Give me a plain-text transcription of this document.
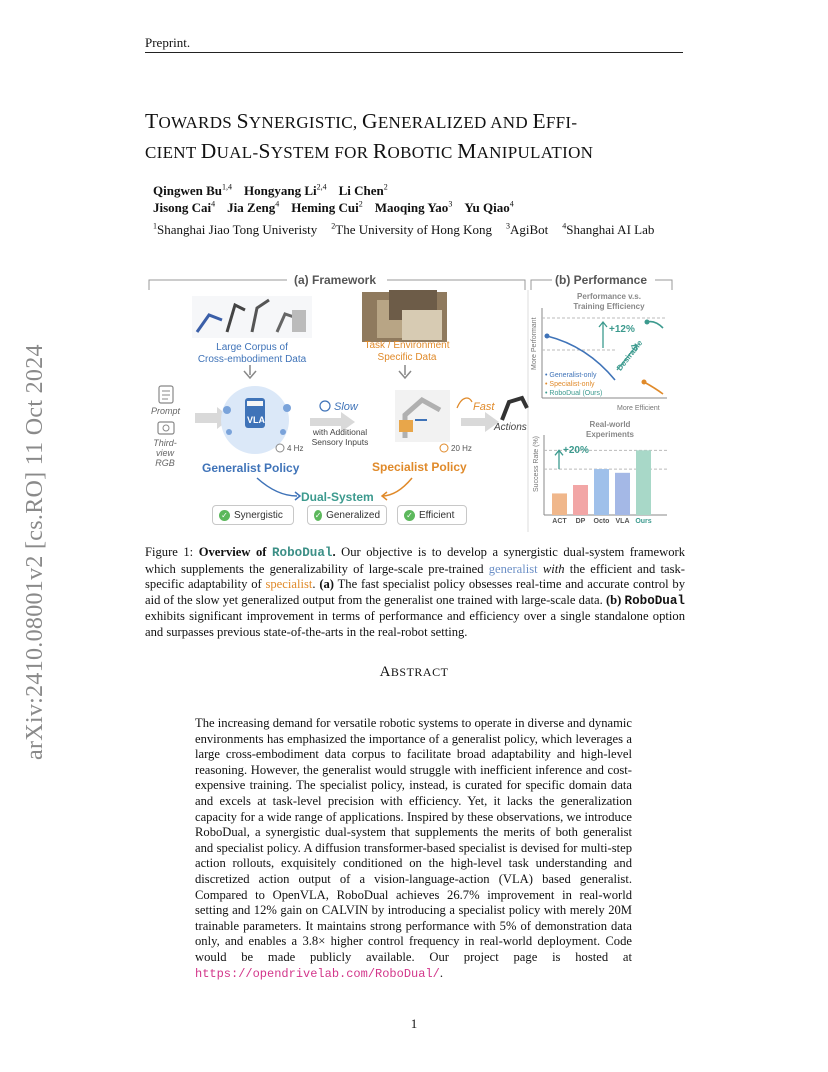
Preprint.
TOWARDS SYNERGISTIC, GENERALIZED AND EFFI-
CIENT DUAL-SYSTEM FOR ROBOTIC MANIPULATION
Qingwen Bu$^{1,4}$ Hongyang Li$^{2,4}$ Li Chen$^2$
Jisong Cai$^4$ Jia Zeng$^4$ Heming Cui$^2$ Maoqing Yao$^3$ Yu Qiao$^4$
$^1$Shanghai Jiao Tong Univeristy $^2$The University of Hong Kong $^3$AgiBot $^4$Shanghai AI Lab
arXiv:2410.08001v2 [cs.RO] 11 Oct 2024
(a) Framework	(b) Performance
Large Corpus of
Cross-embodiment Data
Task / Environment
Specific Data
Prompt
Third-view
RGB
VLA
Slow
with Additional
Sensory Inputs
Fast
4 Hz	20 Hz
Actions
Generalist Policy	Specialist Policy
Dual-System
✓ Synergistic	✓ Generalized	✓ Efficient
Performance v.s.
Training Efficiency
More Performant
More Efficient
+12%
Desirable
• Generalist-only
• Specialist-only
• RoboDual (Ours)
Real-world
Experiments
+20%
Success Rate (%)
ACT	DP	Octo VLA Ours
Figure 1: Overview of RoboDual. Our objective is to develop a synergistic dual-system framework which supplements the generalizability of large-scale pre-trained generalist with the efficient and task-specific adaptability of specialist. (a) The fast specialist policy obsesses real-time and accurate control by aid of the slow yet generalized output from the generalist one trained with large-scale data. (b) RoboDual exhibits significant improvement in terms of performance and efficiency over a single standalone option and surpasses previous state-of-the-arts in the real-robot setting.
ABSTRACT
The increasing demand for versatile robotic systems to operate in diverse and dynamic environments has emphasized the importance of a generalist policy, which leverages a large cross-embodiment data corpus to facilitate broad adaptability and high-level reasoning. However, the generalist would struggle with inefficient inference and cost-expensive training. The specialist policy, instead, is curated for specific domain data and excels at task-level precision with efficiency. Yet, it lacks the generalization capacity for a wide range of applications. Inspired by these observations, we introduce RoboDual, a synergistic dual-system that supplements the merits of both generalist and specialist policy. A diffusion transformer-based specialist is devised for multi-step action rollouts, exquisitely conditioned on the high-level task understanding and discretized action output of a vision-language-action (VLA) based generalist. Compared to OpenVLA, RoboDual achieves 26.7% improvement in real-world setting and 12% gain on CALVIN by introducing a specialist policy with merely 20M trainable parameters. It maintains strong performance with 5% of demonstration data only, and enables a 3.8× higher control frequency in real-world deployment. Code would be made publicly available. Our project page is hosted at https://opendrivelab.com/RoboDual/.
1
